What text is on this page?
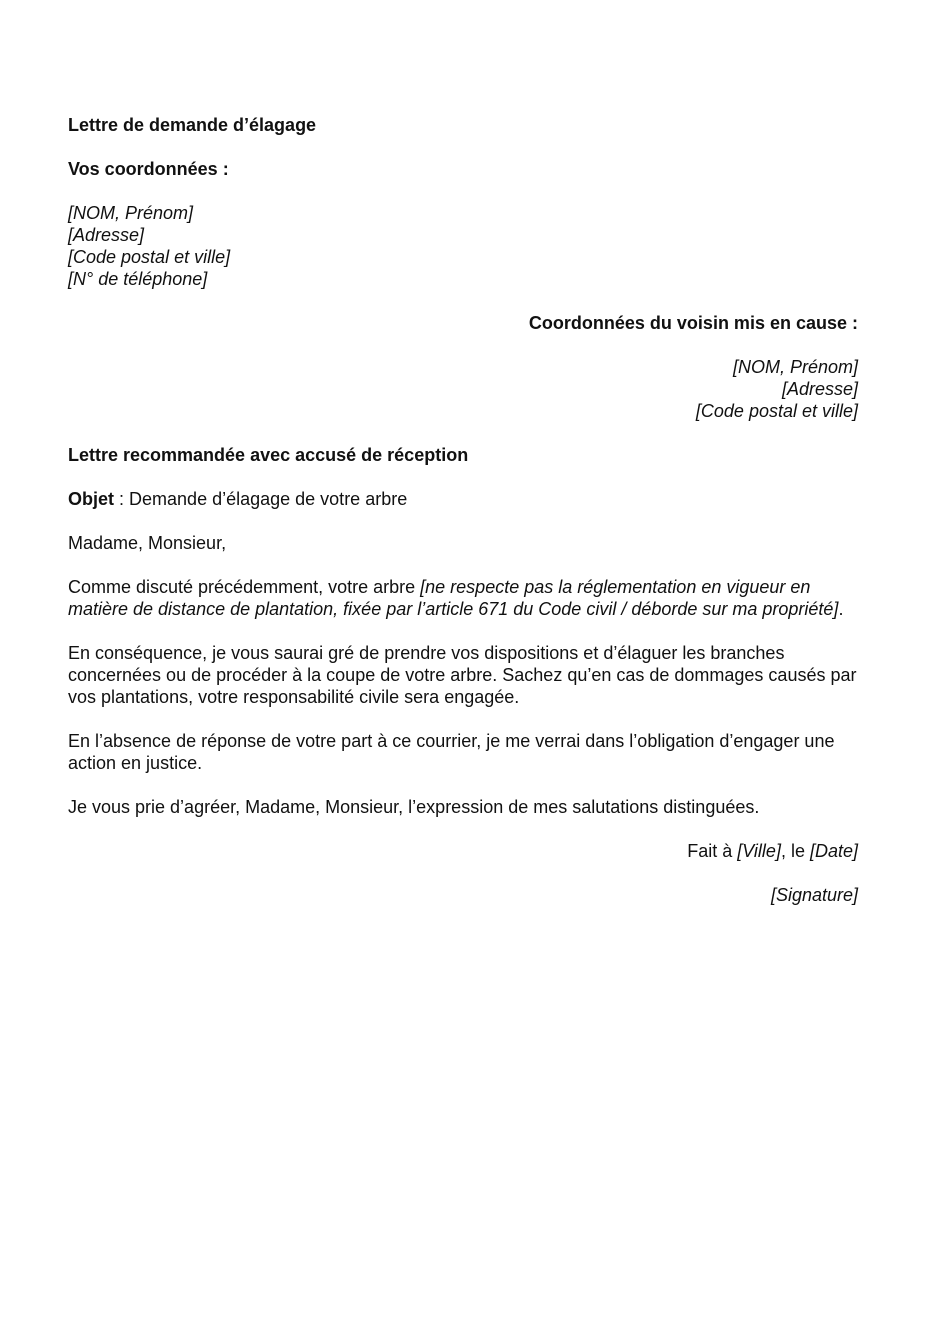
Lettre de demande d’élagage
Vos coordonnées :
[NOM, Prénom]
[Adresse]
[Code postal et ville]
[N° de téléphone]
Coordonnées du voisin mis en cause :
[NOM, Prénom]
[Adresse]
[Code postal et ville]
Lettre recommandée avec accusé de réception
Objet : Demande d’élagage de votre arbre
Madame, Monsieur,

Comme discuté précédemment, votre arbre [ne respecte pas la réglementation en vigueur en matière de distance de plantation, fixée par l’article 671 du Code civil / déborde sur ma propriété].

En conséquence, je vous saurai gré de prendre vos dispositions et d’élaguer les branches concernées ou de procéder à la coupe de votre arbre. Sachez qu’en cas de dommages causés par vos plantations, votre responsabilité civile sera engagée.

En l’absence de réponse de votre part à ce courrier, je me verrai dans l’obligation d’engager une action en justice.

Je vous prie d’agréer, Madame, Monsieur, l’expression de mes salutations distinguées.
Fait à [Ville], le [Date]
[Signature]
